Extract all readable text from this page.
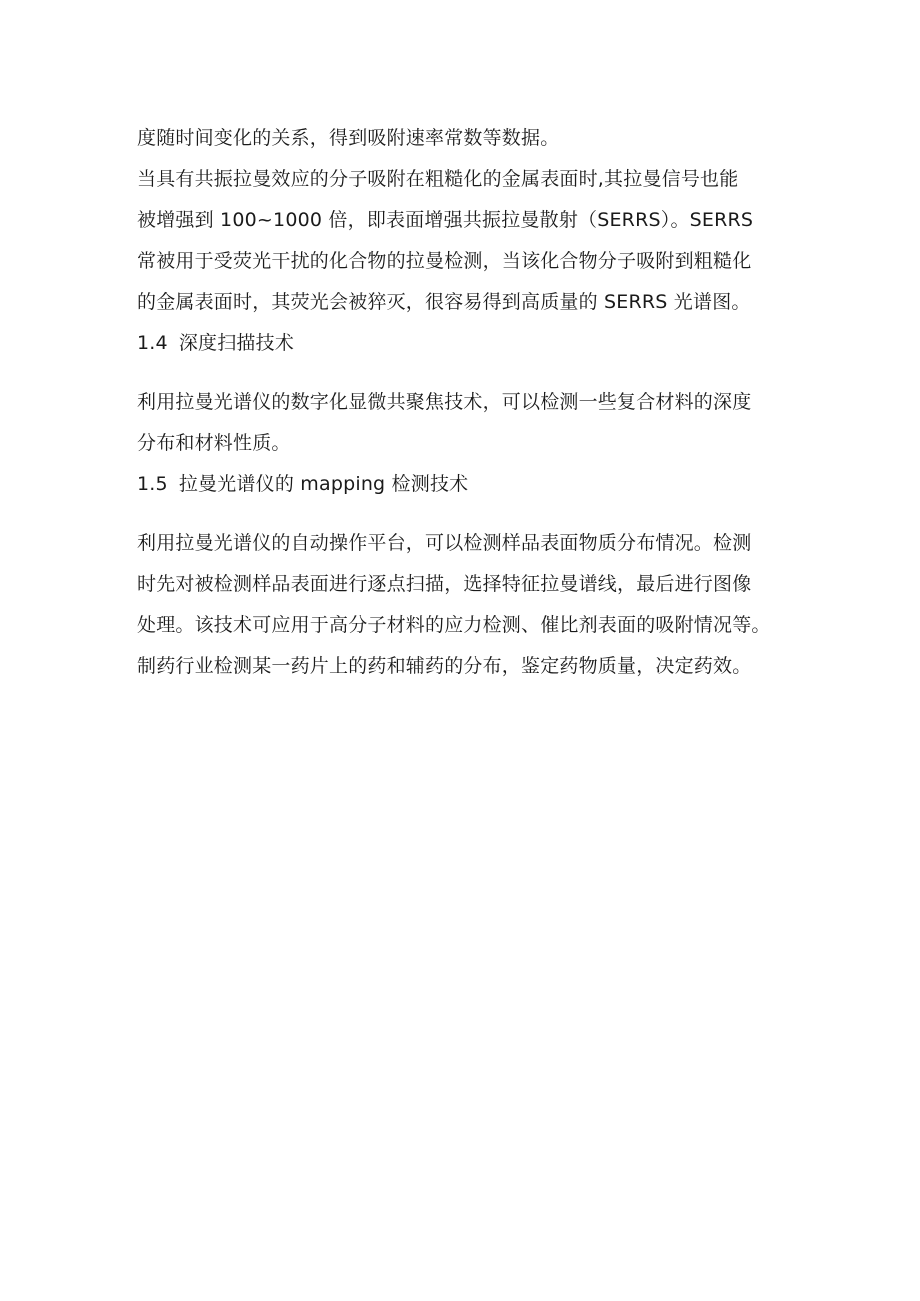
度随时间变化的关系，得到吸附速率常数等数据。
当具有共振拉曼效应的分子吸附在粗糙化的金属表面时,其拉曼信号也能
被增强到 100~1000 倍，即表面增强共振拉曼散射（SERRS）。SERRS
常被用于受荧光干扰的化合物的拉曼检测，当该化合物分子吸附到粗糙化
的金属表面时，其荧光会被猝灭，很容易得到高质量的 SERRS 光谱图。
1.4 深度扫描技术
利用拉曼光谱仪的数字化显微共聚焦技术，可以检测一些复合材料的深度
分布和材料性质。
1.5 拉曼光谱仪的 mapping 检测技术
利用拉曼光谱仪的自动操作平台，可以检测样品表面物质分布情况。检测
时先对被检测样品表面进行逐点扫描，选择特征拉曼谱线，最后进行图像
处理。该技术可应用于高分子材料的应力检测、催比剂表面的吸附情况等。
制药行业检测某一药片上的药和辅药的分布，鉴定药物质量，决定药效。
